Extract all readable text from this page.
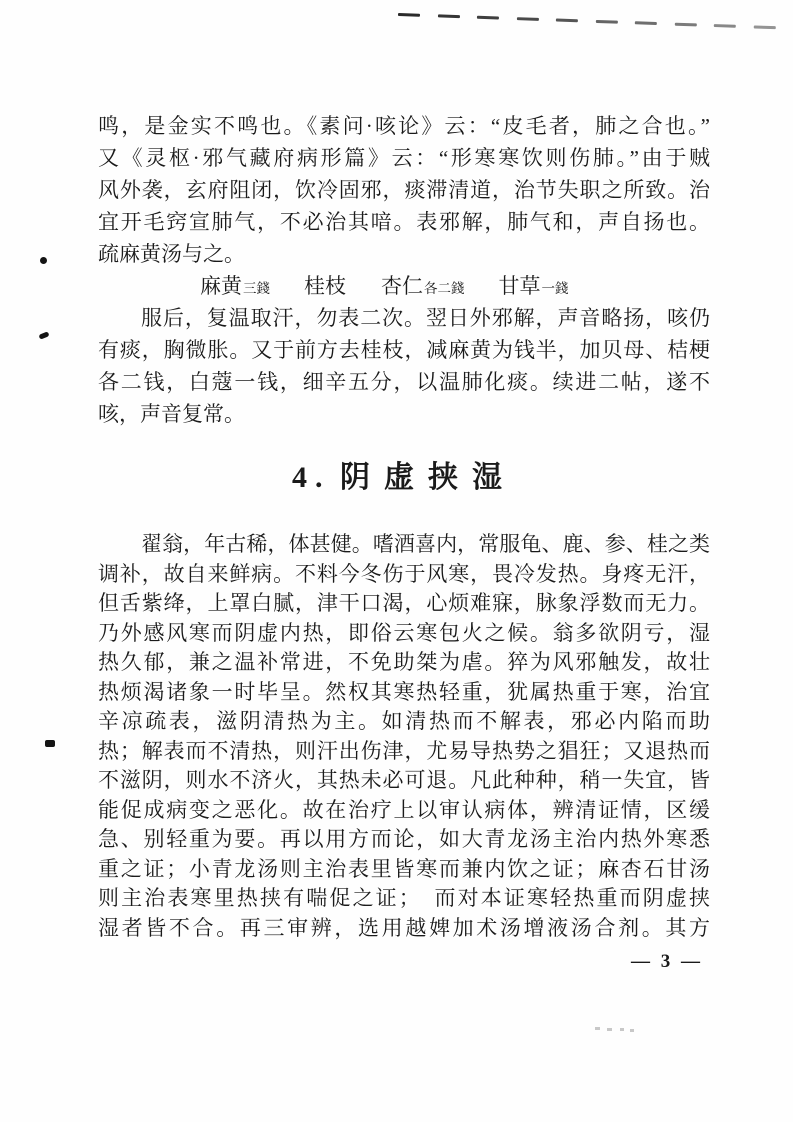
鸣，是金实不鸣也。《素问·咳论》云：“皮毛者，肺之合也。”
又《灵枢·邪气藏府病形篇》云：“形寒寒饮则伤肺。”由于贼
风外袭，玄府阻闭，饮冷固邪，痰滞清道，治节失职之所致。治
宜开毛窍宣肺气，不必治其喑。表邪解，肺气和，声自扬也。
疏麻黄汤与之。
麻黄 三錢 桂枝 杏仁 各二錢 甘草 一錢
服后，复温取汗，勿表二次。翌日外邪解，声音略扬，咳仍
有痰，胸微胀。又于前方去桂枝，减麻黄为钱半，加贝母、桔梗
各二钱，白蔻一钱，细辛五分，以温肺化痰。续进二帖，遂不
咳，声音复常。
4. 阴虚挟湿
翟翁，年古稀，体甚健。嗜酒喜内，常服龟、鹿、参、桂之类
调补，故自来鲜病。不料今冬伤于风寒，畏冷发热。身疼无汗，
但舌紫绛，上罩白腻，津干口渴，心烦难寐，脉象浮数而无力。
乃外感风寒而阴虚内热，即俗云寒包火之候。翁多欲阴亏，湿
热久郁，兼之温补常进，不免助桀为虐。猝为风邪触发，故壮
热烦渴诸象一时毕呈。然权其寒热轻重，犹属热重于寒，治宜
辛凉疏表，滋阴清热为主。如清热而不解表，邪必内陷而助
热；解表而不清热，则汗出伤津，尤易导热势之猖狂；又退热而
不滋阴，则水不济火，其热未必可退。凡此种种，稍一失宜，皆
能促成病变之恶化。故在治疗上以审认病体，辨清证情，区缓
急、别轻重为要。再以用方而论，如大青龙汤主治内热外寒悉
重之证；小青龙汤则主治表里皆寒而兼内饮之证；麻杏石甘汤
则主治表寒里热挟有喘促之证；　而对本证寒轻热重而阴虚挟
湿者皆不合。再三审辨，选用越婢加术汤增液汤合剂。其方
— 3 —
